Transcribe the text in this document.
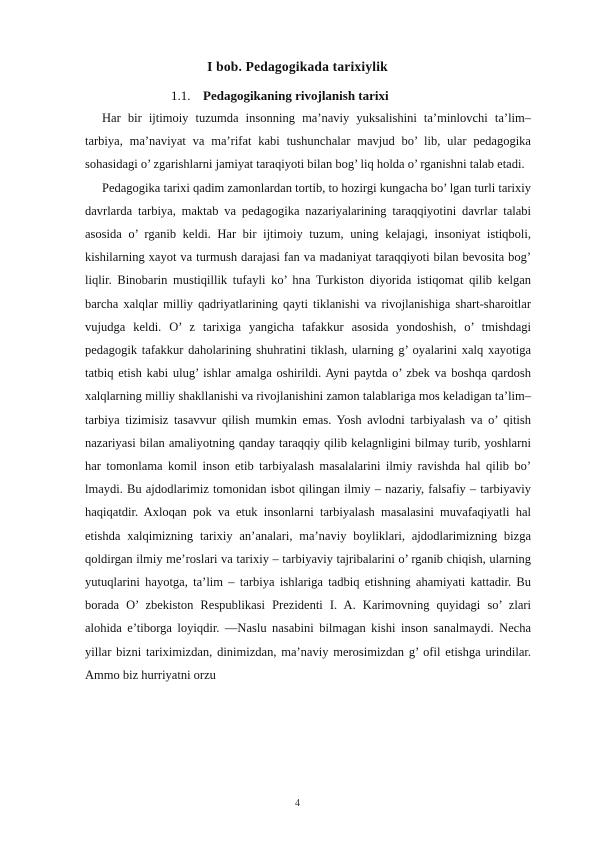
I bob. Pedagogikada tarixiylik
1.1. Pedagogikaning rivojlanish tarixi

Har bir ijtimoiy tuzumda insonning ma’naviy yuksalishini ta’minlovchi ta’lim–tarbiya, ma’naviyat va ma’rifat kabi tushunchalar mavjud bo’ lib, ular pedagogika sohasidagi o’ zgarishlarni jamiyat taraqiyoti bilan bog’ liq holda o’ rganishni talab etadi.

Pedagogika tarixi qadim zamonlardan tortib, to hozirgi kungacha bo’ lgan turli tarixiy davrlarda tarbiya, maktab va pedagogika nazariyalarining taraqqiyotini davrlar talabi asosida o’ rganib keldi. Har bir ijtimoiy tuzum, uning kelajagi, insoniyat istiqboli, kishilarning xayot va turmush darajasi fan va madaniyat taraqqiyoti bilan bevosita bog’ liqlir. Binobarin mustiqillik tufayli ko’ hna Turkiston diyorida istiqomat qilib kelgan barcha xalqlar milliy qadriyatlarining qayti tiklanishi va rivojlanishiga shart-sharoitlar vujudga keldi. O’ z tarixiga yangicha tafakkur asosida yondoshish, o’ tmishdagi pedagogik tafakkur daholarining shuhratini tiklash, ularning g’ oyalarini xalq xayotiga tatbiq etish kabi ulug’ ishlar amalga oshirildi. Ayni paytda o’ zbek va boshqa qardosh xalqlarning milliy shakllanishi va rivojlanishini zamon talablariga mos keladigan ta’lim–tarbiya tizimisiz tasavvur qilish mumkin emas. Yosh avlodni tarbiyalash va o’ qitish nazariyasi bilan amaliyotning qanday taraqqiy qilib kelagnligini bilmay turib, yoshlarni har tomonlama komil inson etib tarbiyalash masalalarini ilmiy ravishda hal qilib bo’ lmaydi. Bu ajdodlarimiz tomonidan isbot qilingan ilmiy – nazariy, falsafiy – tarbiyaviy haqiqatdir. Axloqan pok va etuk insonlarni tarbiyalash masalasini muvafaqiyatli hal etishda xalqimizning tarixiy an’analari, ma’naviy boyliklari, ajdodlarimizning bizga qoldirgan ilmiy me’roslari va tarixiy – tarbiyaviy tajribalarini o’ rganib chiqish, ularning yutuqlarini hayotga, ta’lim – tarbiya ishlariga tadbiq etishning ahamiyati kattadir. Bu borada O’ zbekiston Respublikasi Prezidenti I. A. Karimovning quyidagi so’ zlari alohida e’tiborga loyiqdir. ―Naslu nasabini bilmagan kishi inson sanalmaydi. Necha yillar bizni tariximizdan, dinimizdan, ma’naviy merosimizdan g’ ofil etishga urindilar. Ammo biz hurriyatni orzu

4
